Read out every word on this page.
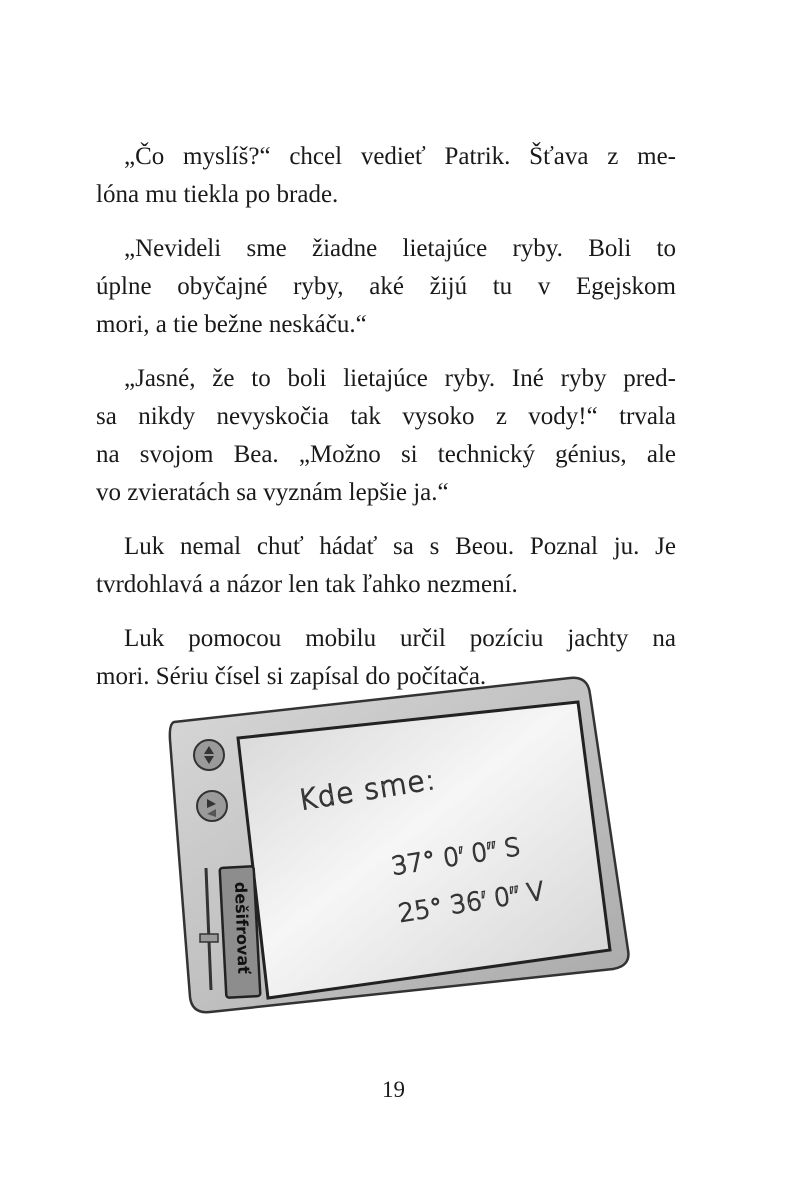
„Čo myslíš?“ chcel vedieť Patrik. Šťava z me-
lóna mu tiekla po brade.

„Nevideli sme žiadne lietajúce ryby. Boli to
úplne obyčajné ryby, aké žijú tu v Egejskom
mori, a tie bežne neskáču.“

„Jasné, že to boli lietajúce ryby. Iné ryby pred-
sa nikdy nevyskočia tak vysoko z vody!“ trvala
na svojom Bea. „Možno si technický génius, ale
vo zvieratách sa vyznám lepšie ja.“

Luk nemal chuť hádať sa s Beou. Poznal ju. Je
tvrdohlavá a názor len tak ľahko nezmení.

Luk pomocou mobilu určil pozíciu jachty na
mori. Sériu čísel si zapísal do počítača.

dešifrovať
Kde sme:
37° 0′ 0′′ S
25° 36′ 0′′ V
19
